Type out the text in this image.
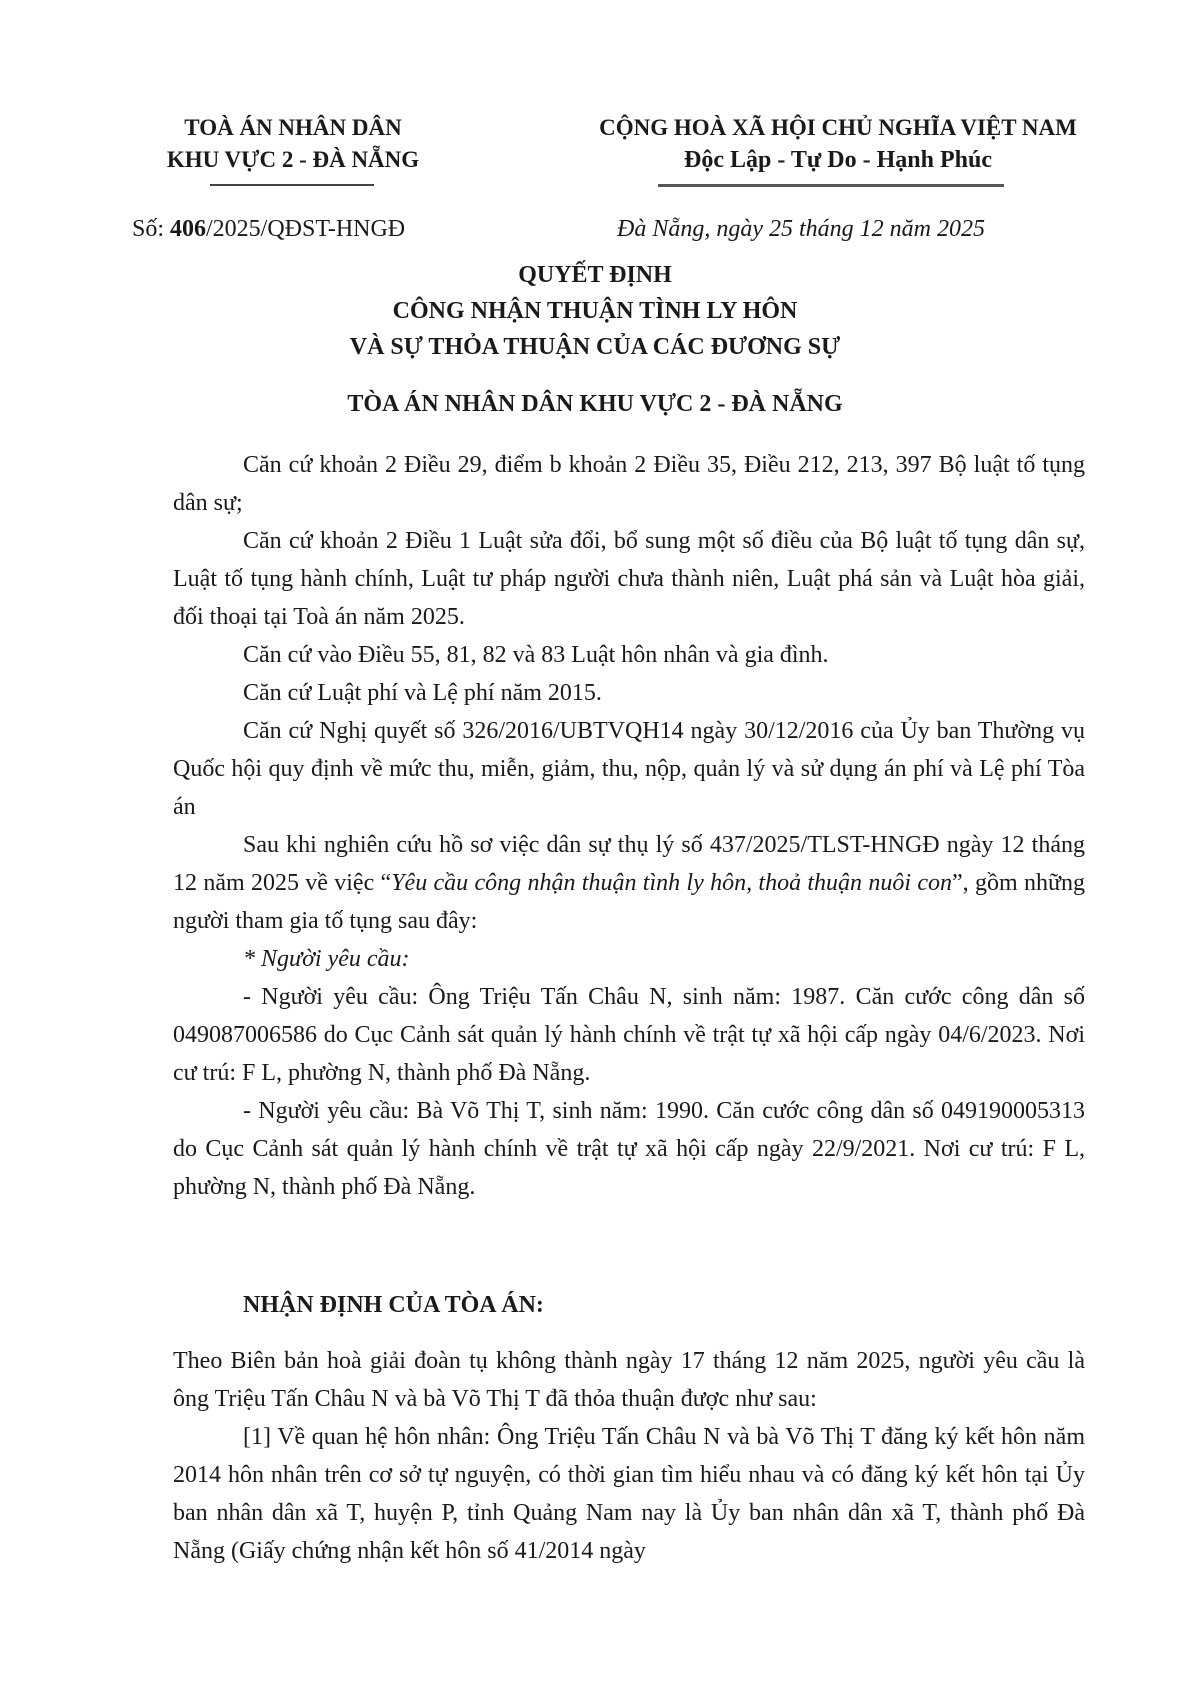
TOÀ ÁN NHÂN DÂN
KHU VỰC 2 - ĐÀ NẴNG
CỘNG HOÀ XÃ HỘI CHỦ NGHĨA VIỆT NAM
Độc Lập - Tự Do - Hạnh Phúc
Số: 406/2025/QĐST-HNGĐ	Đà Nẵng, ngày 25 tháng 12 năm 2025
QUYẾT ĐỊNH
CÔNG NHẬN THUẬN TÌNH LY HÔN
VÀ SỰ THỎA THUẬN CỦA CÁC ĐƯƠNG SỰ
TÒA ÁN NHÂN DÂN KHU VỰC 2 - ĐÀ NẴNG

Căn cứ khoản 2 Điều 29, điểm b khoản 2 Điều 35, Điều 212, 213, 397 Bộ luật tố tụng dân sự;

Căn cứ khoản 2 Điều 1 Luật sửa đổi, bổ sung một số điều của Bộ luật tố tụng dân sự, Luật tố tụng hành chính, Luật tư pháp người chưa thành niên, Luật phá sản và Luật hòa giải, đối thoại tại Toà án năm 2025.

Căn cứ vào Điều 55, 81, 82 và 83 Luật hôn nhân và gia đình.

Căn cứ Luật phí và Lệ phí năm 2015.

Căn cứ Nghị quyết số 326/2016/UBTVQH14 ngày 30/12/2016 của Ủy ban Thường vụ Quốc hội quy định về mức thu, miễn, giảm, thu, nộp, quản lý và sử dụng án phí và Lệ phí Tòa án

Sau khi nghiên cứu hồ sơ việc dân sự thụ lý số 437/2025/TLST-HNGĐ ngày 12 tháng 12 năm 2025 về việc “Yêu cầu công nhận thuận tình ly hôn, thoả thuận nuôi con”, gồm những người tham gia tố tụng sau đây:

* Người yêu cầu:

- Người yêu cầu: Ông Triệu Tấn Châu N, sinh năm: 1987. Căn cước công dân số 049087006586 do Cục Cảnh sát quản lý hành chính về trật tự xã hội cấp ngày 04/6/2023. Nơi cư trú: F L, phường N, thành phố Đà Nẵng.

- Người yêu cầu: Bà Võ Thị T, sinh năm: 1990. Căn cước công dân số 049190005313 do Cục Cảnh sát quản lý hành chính về trật tự xã hội cấp ngày 22/9/2021. Nơi cư trú: F L, phường N, thành phố Đà Nẵng.

NHẬN ĐỊNH CỦA TÒA ÁN:

Theo Biên bản hoà giải đoàn tụ không thành ngày 17 tháng 12 năm 2025, người yêu cầu là ông Triệu Tấn Châu N và bà Võ Thị T đã thỏa thuận được như sau:

[1] Về quan hệ hôn nhân: Ông Triệu Tấn Châu N và bà Võ Thị T đăng ký kết hôn năm 2014 hôn nhân trên cơ sở tự nguyện, có thời gian tìm hiểu nhau và có đăng ký kết hôn tại Ủy ban nhân dân xã T, huyện P, tỉnh Quảng Nam nay là Ủy ban nhân dân xã T, thành phố Đà Nẵng (Giấy chứng nhận kết hôn số 41/2014 ngày
